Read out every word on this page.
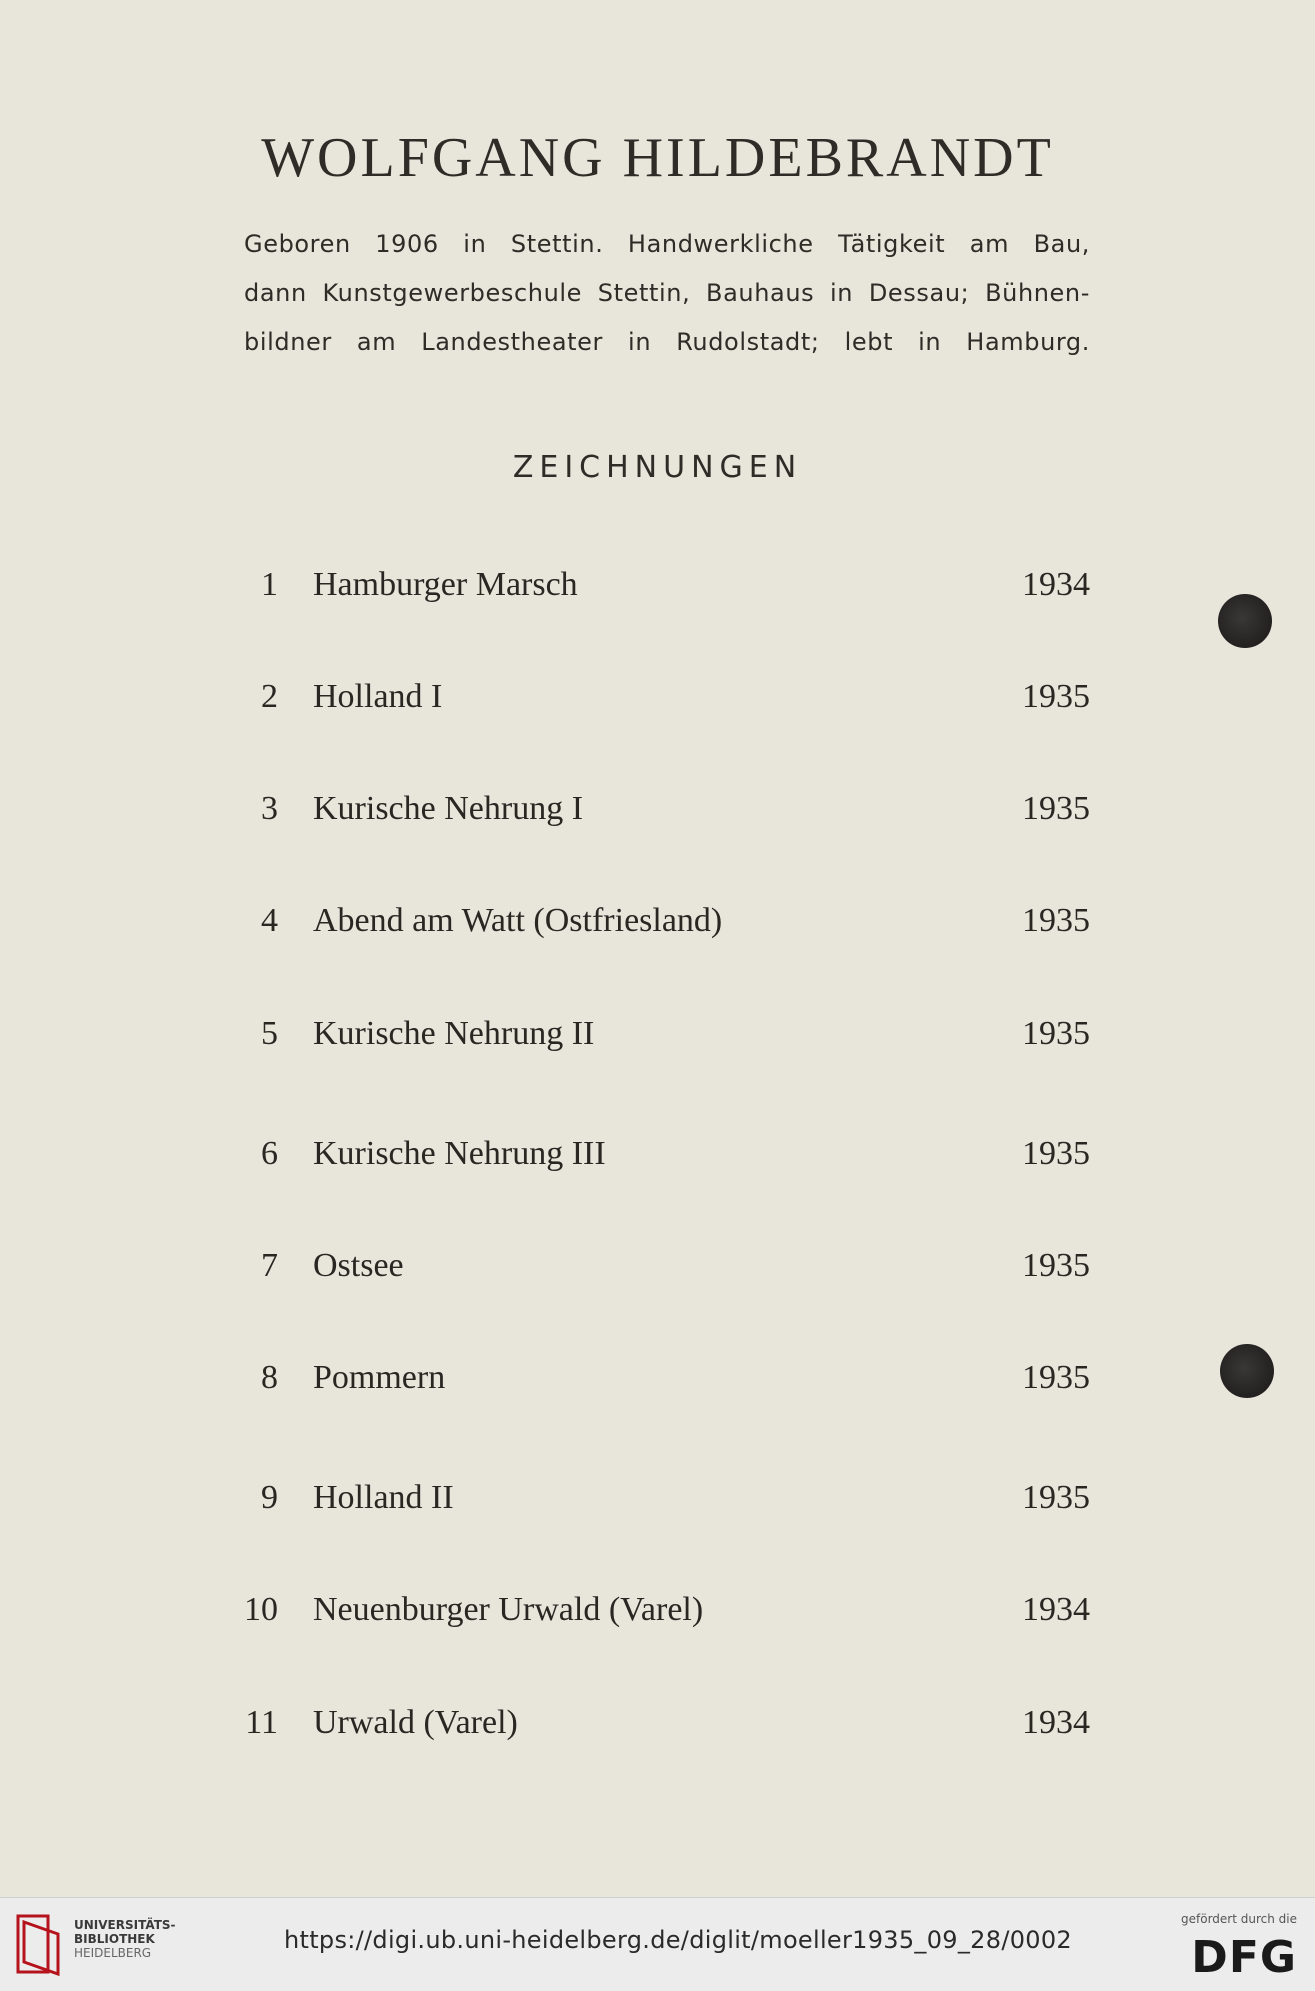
WOLFGANG HILDEBRANDT
Geboren 1906 in Stettin. Handwerkliche Tätigkeit am Bau,
dann Kunstgewerbeschule Stettin, Bauhaus in Dessau; Bühnen-
bildner am Landestheater in Rudolstadt; lebt in Hamburg.
ZEICHNUNGEN
1 Hamburger Marsch	1934
2 Holland I	1935
3 Kurische Nehrung I	1935
4 Abend am Watt (Ostfriesland)	1935
5 Kurische Nehrung II	1935
6 Kurische Nehrung III	1935
7 Ostsee	1935
8 Pommern	1935
9 Holland II	1935
10 Neuenburger Urwald (Varel)	1934
11 Urwald (Varel)	1934
UNIVERSITÄTS-
BIBLIOTHEK
HEIDELBERG	https://digi.ub.uni-heidelberg.de/diglit/moeller1935_09_28/0002
gefördert durch die
DFG
